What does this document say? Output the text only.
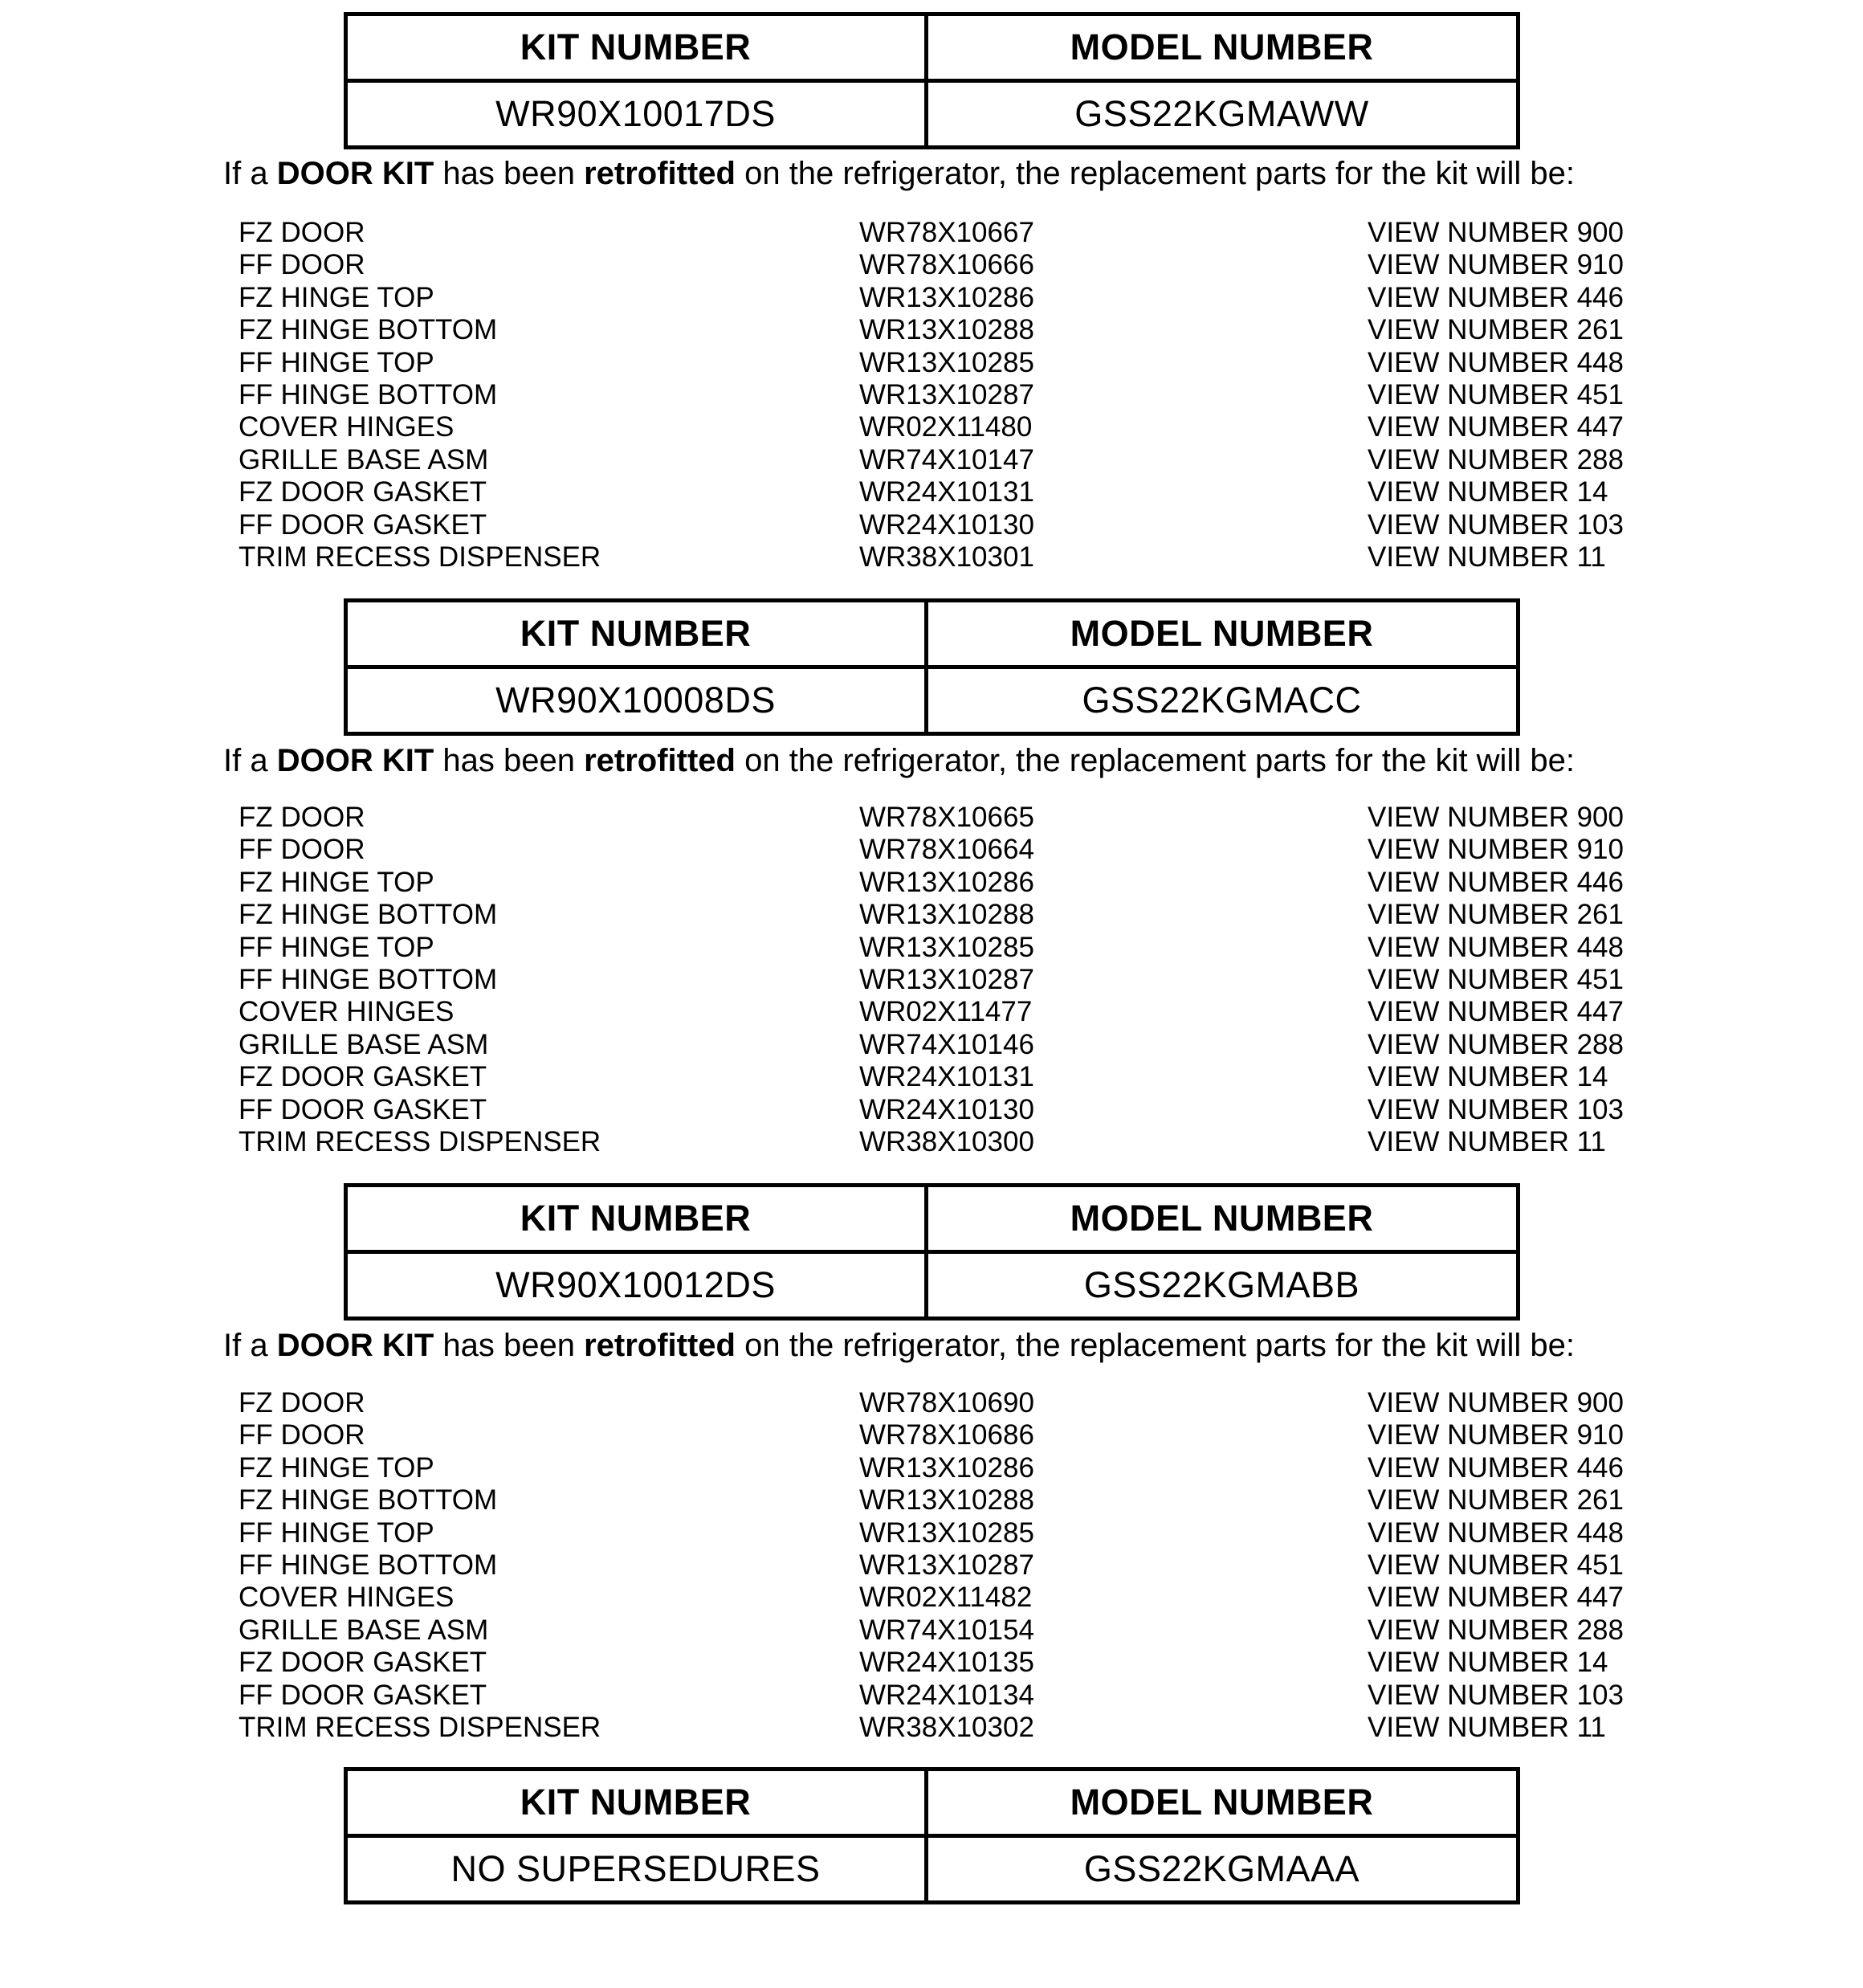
KIT NUMBER	MODEL NUMBER
WR90X10017DS	GSS22KGMAWW
If a DOOR KIT has been retrofitted on the refrigerator, the replacement parts for the kit will be:
FZ DOOR	WR78X10667	VIEW NUMBER 900
FF DOOR	WR78X10666	VIEW NUMBER 910
FZ HINGE TOP	WR13X10286	VIEW NUMBER 446
FZ HINGE BOTTOM	WR13X10288	VIEW NUMBER 261
FF HINGE TOP	WR13X10285	VIEW NUMBER 448
FF HINGE BOTTOM	WR13X10287	VIEW NUMBER 451
COVER HINGES	WR02X11480	VIEW NUMBER 447
GRILLE BASE ASM	WR74X10147	VIEW NUMBER 288
FZ DOOR GASKET	WR24X10131	VIEW NUMBER 14
FF DOOR GASKET	WR24X10130	VIEW NUMBER 103
TRIM RECESS DISPENSER	WR38X10301	VIEW NUMBER 11
KIT NUMBER	MODEL NUMBER
WR90X10008DS	GSS22KGMACC
If a DOOR KIT has been retrofitted on the refrigerator, the replacement parts for the kit will be:
FZ DOOR	WR78X10665	VIEW NUMBER 900
FF DOOR	WR78X10664	VIEW NUMBER 910
FZ HINGE TOP	WR13X10286	VIEW NUMBER 446
FZ HINGE BOTTOM	WR13X10288	VIEW NUMBER 261
FF HINGE TOP	WR13X10285	VIEW NUMBER 448
FF HINGE BOTTOM	WR13X10287	VIEW NUMBER 451
COVER HINGES	WR02X11477	VIEW NUMBER 447
GRILLE BASE ASM	WR74X10146	VIEW NUMBER 288
FZ DOOR GASKET	WR24X10131	VIEW NUMBER 14
FF DOOR GASKET	WR24X10130	VIEW NUMBER 103
TRIM RECESS DISPENSER	WR38X10300	VIEW NUMBER 11
KIT NUMBER	MODEL NUMBER
WR90X10012DS	GSS22KGMABB
If a DOOR KIT has been retrofitted on the refrigerator, the replacement parts for the kit will be:
FZ DOOR	WR78X10690	VIEW NUMBER 900
FF DOOR	WR78X10686	VIEW NUMBER 910
FZ HINGE TOP	WR13X10286	VIEW NUMBER 446
FZ HINGE BOTTOM	WR13X10288	VIEW NUMBER 261
FF HINGE TOP	WR13X10285	VIEW NUMBER 448
FF HINGE BOTTOM	WR13X10287	VIEW NUMBER 451
COVER HINGES	WR02X11482	VIEW NUMBER 447
GRILLE BASE ASM	WR74X10154	VIEW NUMBER 288
FZ DOOR GASKET	WR24X10135	VIEW NUMBER 14
FF DOOR GASKET	WR24X10134	VIEW NUMBER 103
TRIM RECESS DISPENSER	WR38X10302	VIEW NUMBER 11
KIT NUMBER	MODEL NUMBER
NO SUPERSEDURES	GSS22KGMAAA
